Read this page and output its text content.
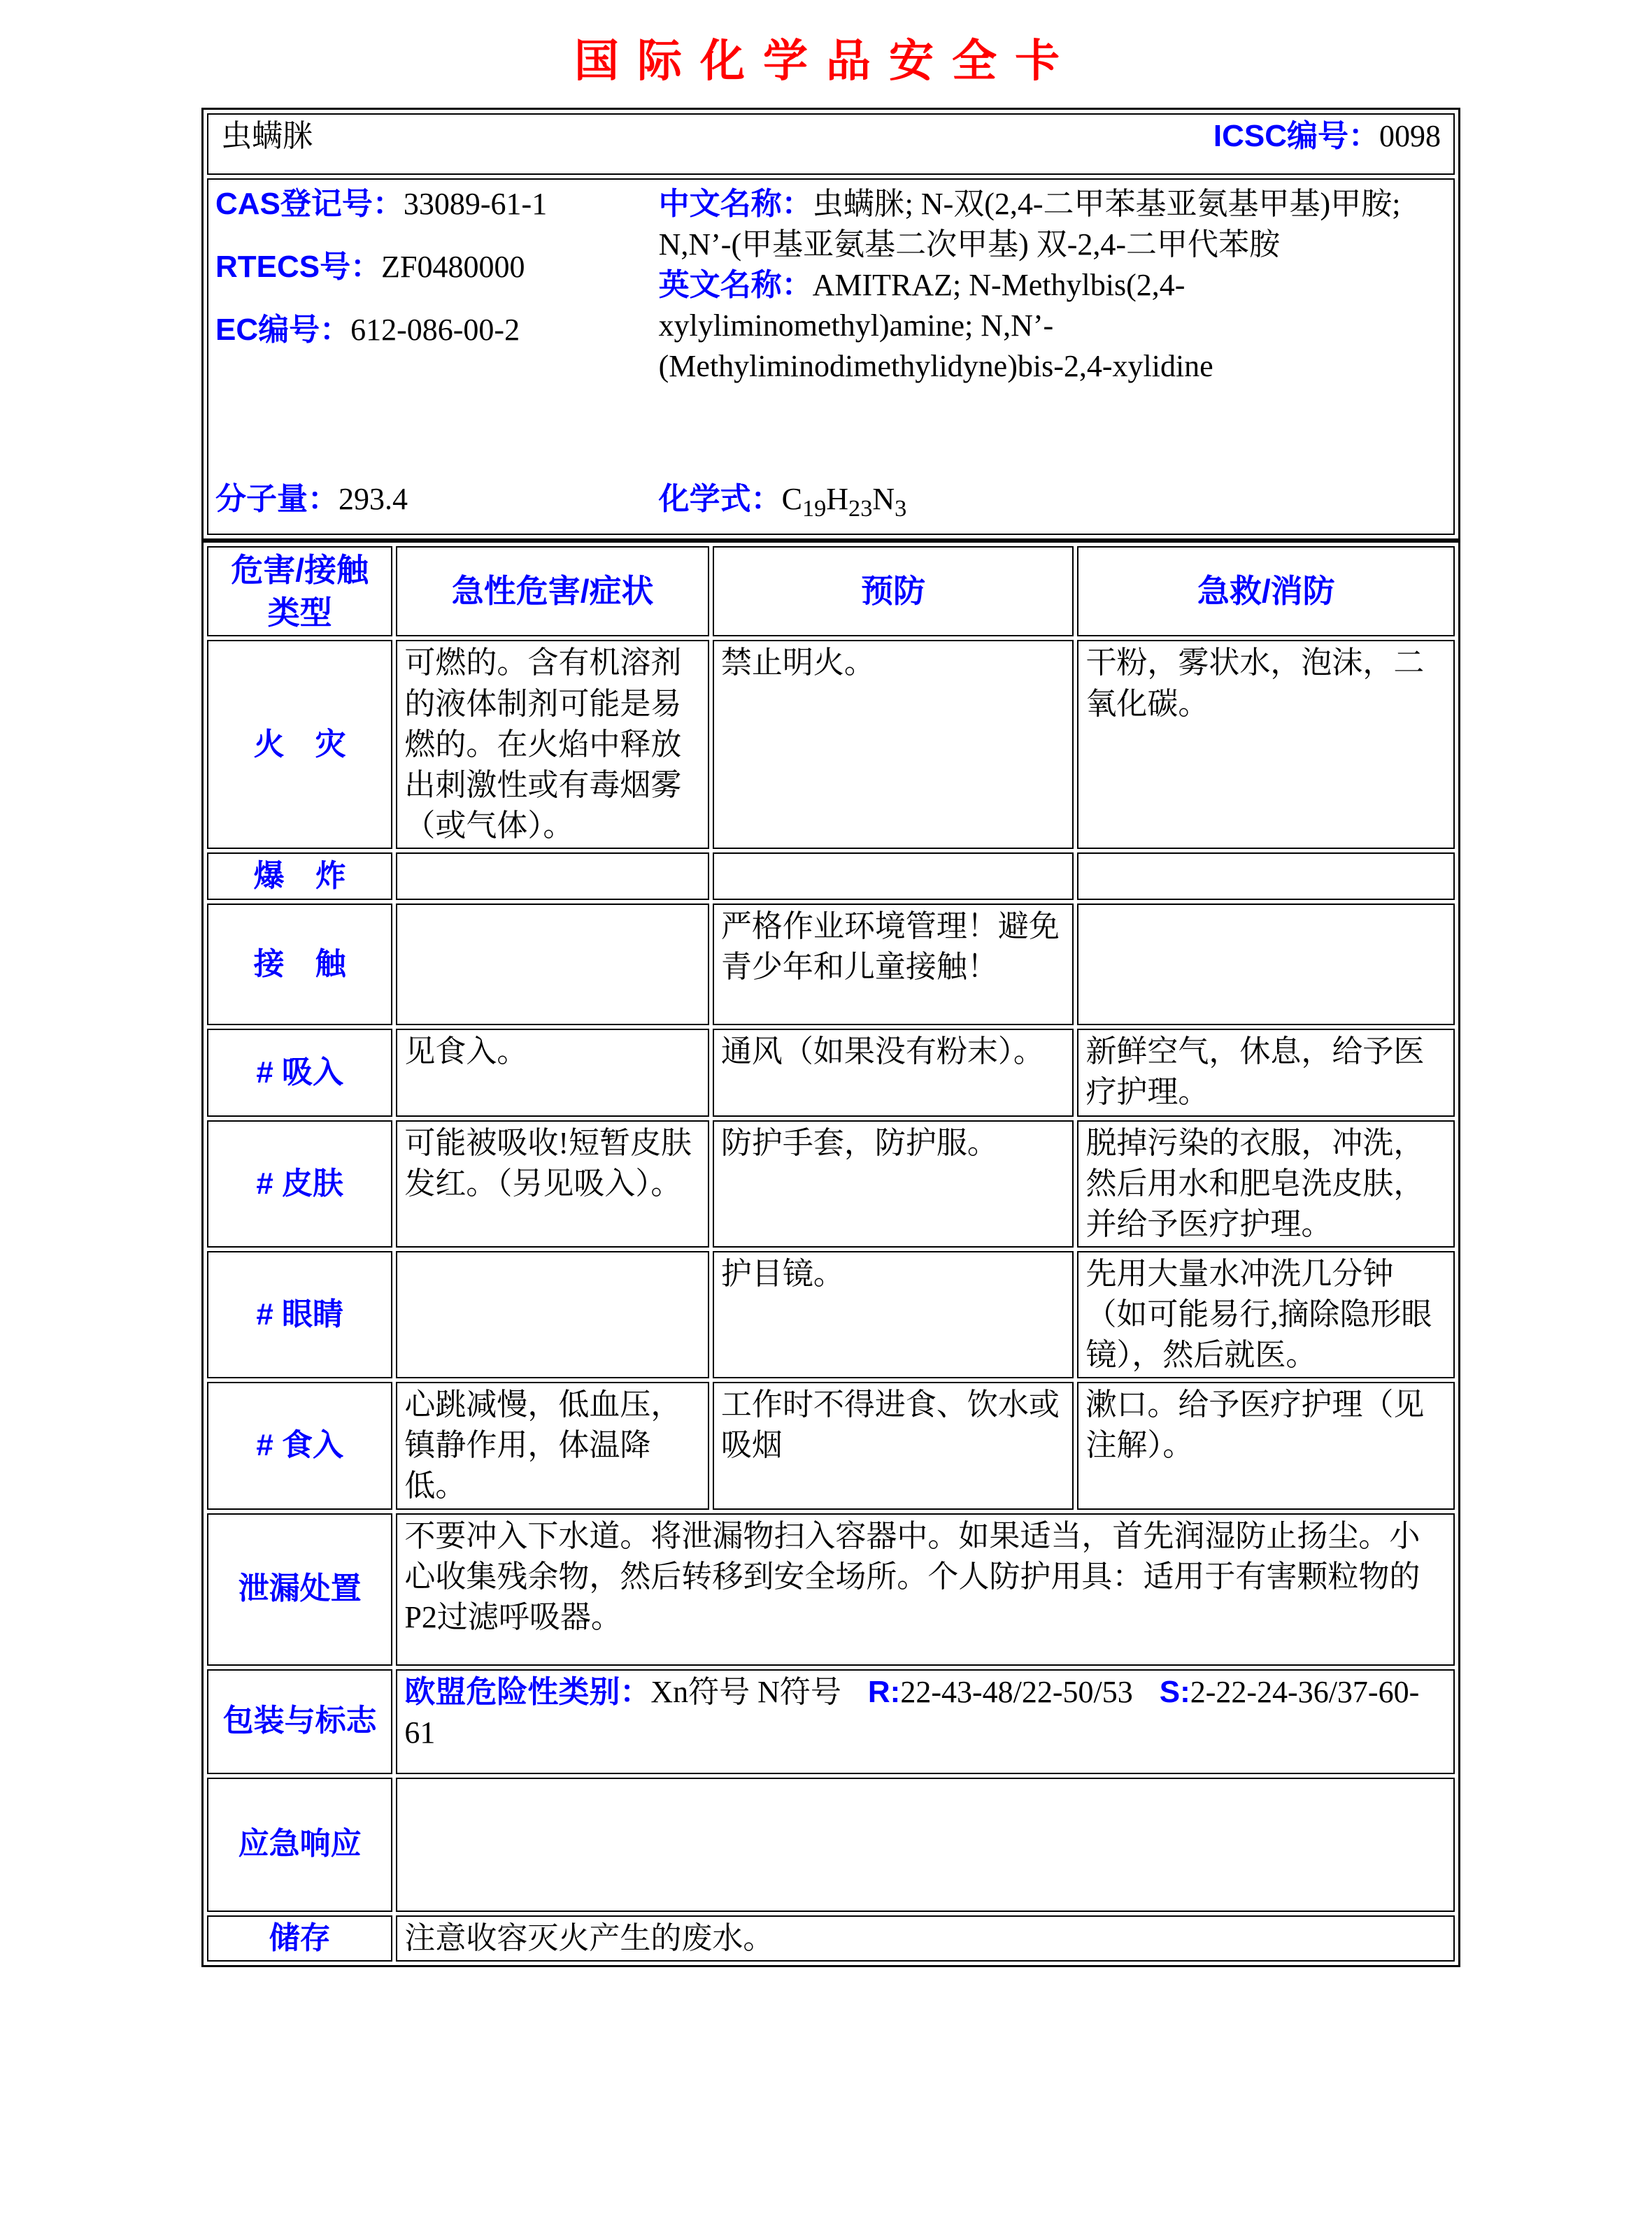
国际化学品安全卡
虫螨脒	ICSC编号：0098

CAS登记号：33089-61-1
RTECS号：ZF0480000
EC编号：612-086-00-2
分子量：293.4
中文名称：虫螨脒; N-双(2,4-二甲苯基亚氨基甲基)甲胺; N,N’-(甲基亚氨基二次甲基) 双-2,4-二甲代苯胺
英文名称：AMITRAZ; N-Methylbis(2,4-xylyliminomethyl)amine; N,N’-(Methyliminodimethylidyne)bis-2,4-xylidine
化学式：$C_{19}H_{23}N_3$
危害/接触类型	急性危害/症状	预防	急救/消防
火　灾	可燃的。含有机溶剂的液体制剂可能是易燃的。在火焰中释放出刺激性或有毒烟雾（或气体）。	禁止明火。	干粉，雾状水，泡沫，二氧化碳。
爆　炸			
接　触		严格作业环境管理！避免青少年和儿童接触！	
# 吸入	见食入。	通风（如果没有粉末）。	新鲜空气，休息，给予医疗护理。
# 皮肤	可能被吸收!短暂皮肤发红。（另见吸入）。	防护手套，防护服。	脱掉污染的衣服，冲洗，然后用水和肥皂洗皮肤，并给予医疗护理。
# 眼睛		护目镜。	先用大量水冲洗几分钟（如可能易行,摘除隐形眼镜），然后就医。
# 食入	心跳减慢，低血压，镇静作用，体温降低。	工作时不得进食、饮水或吸烟	漱口。给予医疗护理（见注解）。
泄漏处置	不要冲入下水道。将泄漏物扫入容器中。如果适当，首先润湿防止扬尘。小心收集残余物，然后转移到安全场所。个人防护用具：适用于有害颗粒物的P2过滤呼吸器。		
包装与标志	欧盟危险性类别：Xn符号 N符号 R:22-43-48/22-50/53 S:2-22-24-36/37-60-61		
应急响应			
储存	注意收容灭火产生的废水。		
